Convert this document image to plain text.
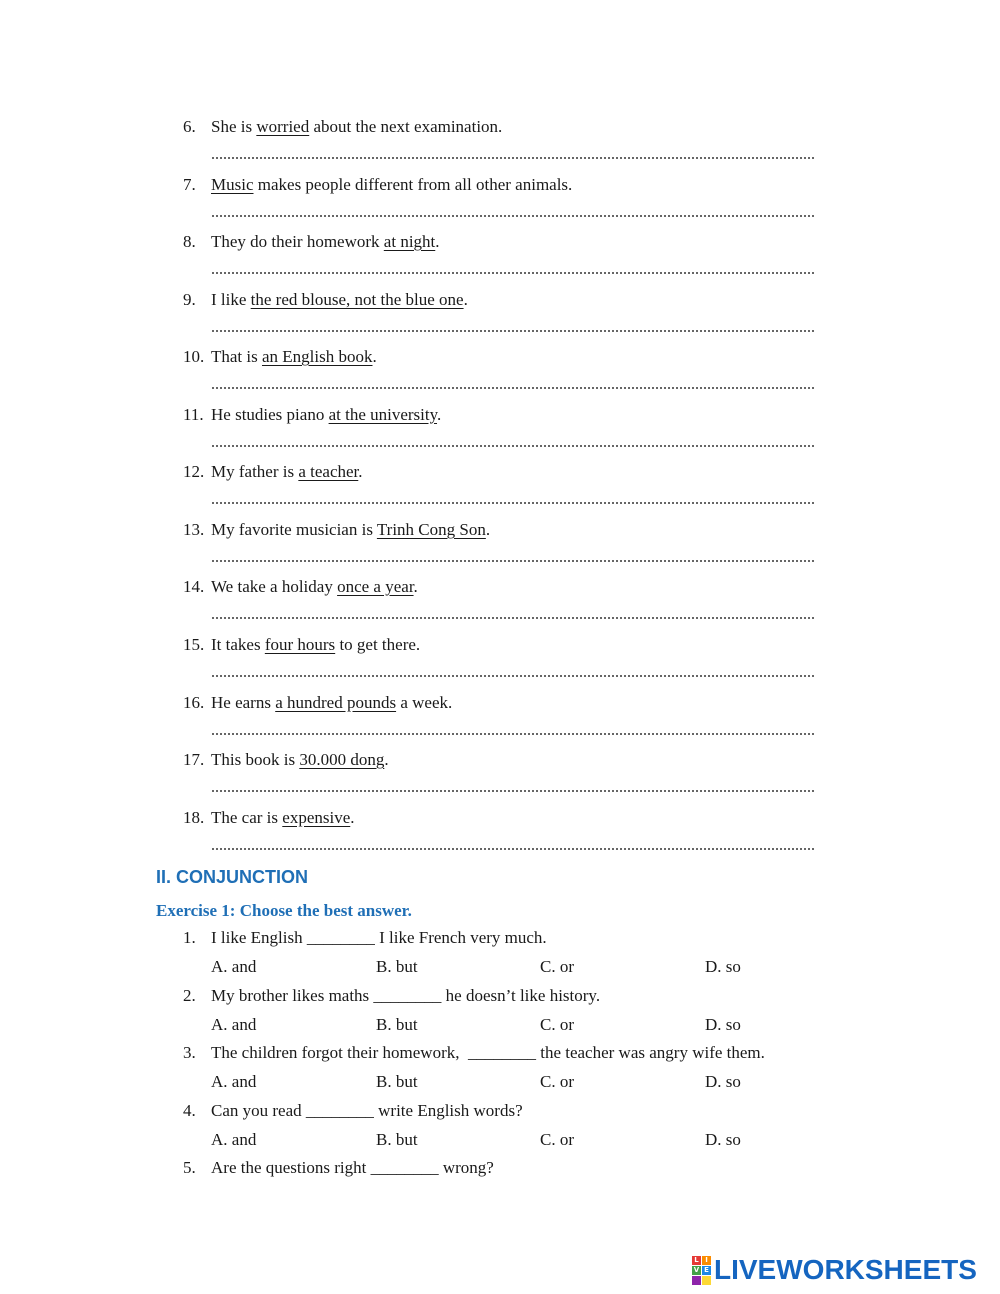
6. She is worried about the next examination.
7. Music makes people different from all other animals.
8. They do their homework at night.
9. I like the red blouse, not the blue one.
10. That is an English book.
11. He studies piano at the university.
12. My father is a teacher.
13. My favorite musician is Trinh Cong Son.
14. We take a holiday once a year.
15. It takes four hours to get there.
16. He earns a hundred pounds a week.
17. This book is 30.000 dong.
18. The car is expensive.
II. CONJUNCTION
Exercise 1: Choose the best answer.
1. I like English ________ I like French very much.
A. and	B. but	C. or	D. so
2. My brother likes maths ________ he doesn’t like history.
A. and	B. but	C. or	D. so
3. The children forgot their homework,  ________ the teacher was angry wife them.
A. and	B. but	C. or	D. so
4. Can you read ________ write English words?
A. and	B. but	C. or	D. so
5. Are the questions right ________ wrong?
L I
V E LIVEWORKSHEETS
